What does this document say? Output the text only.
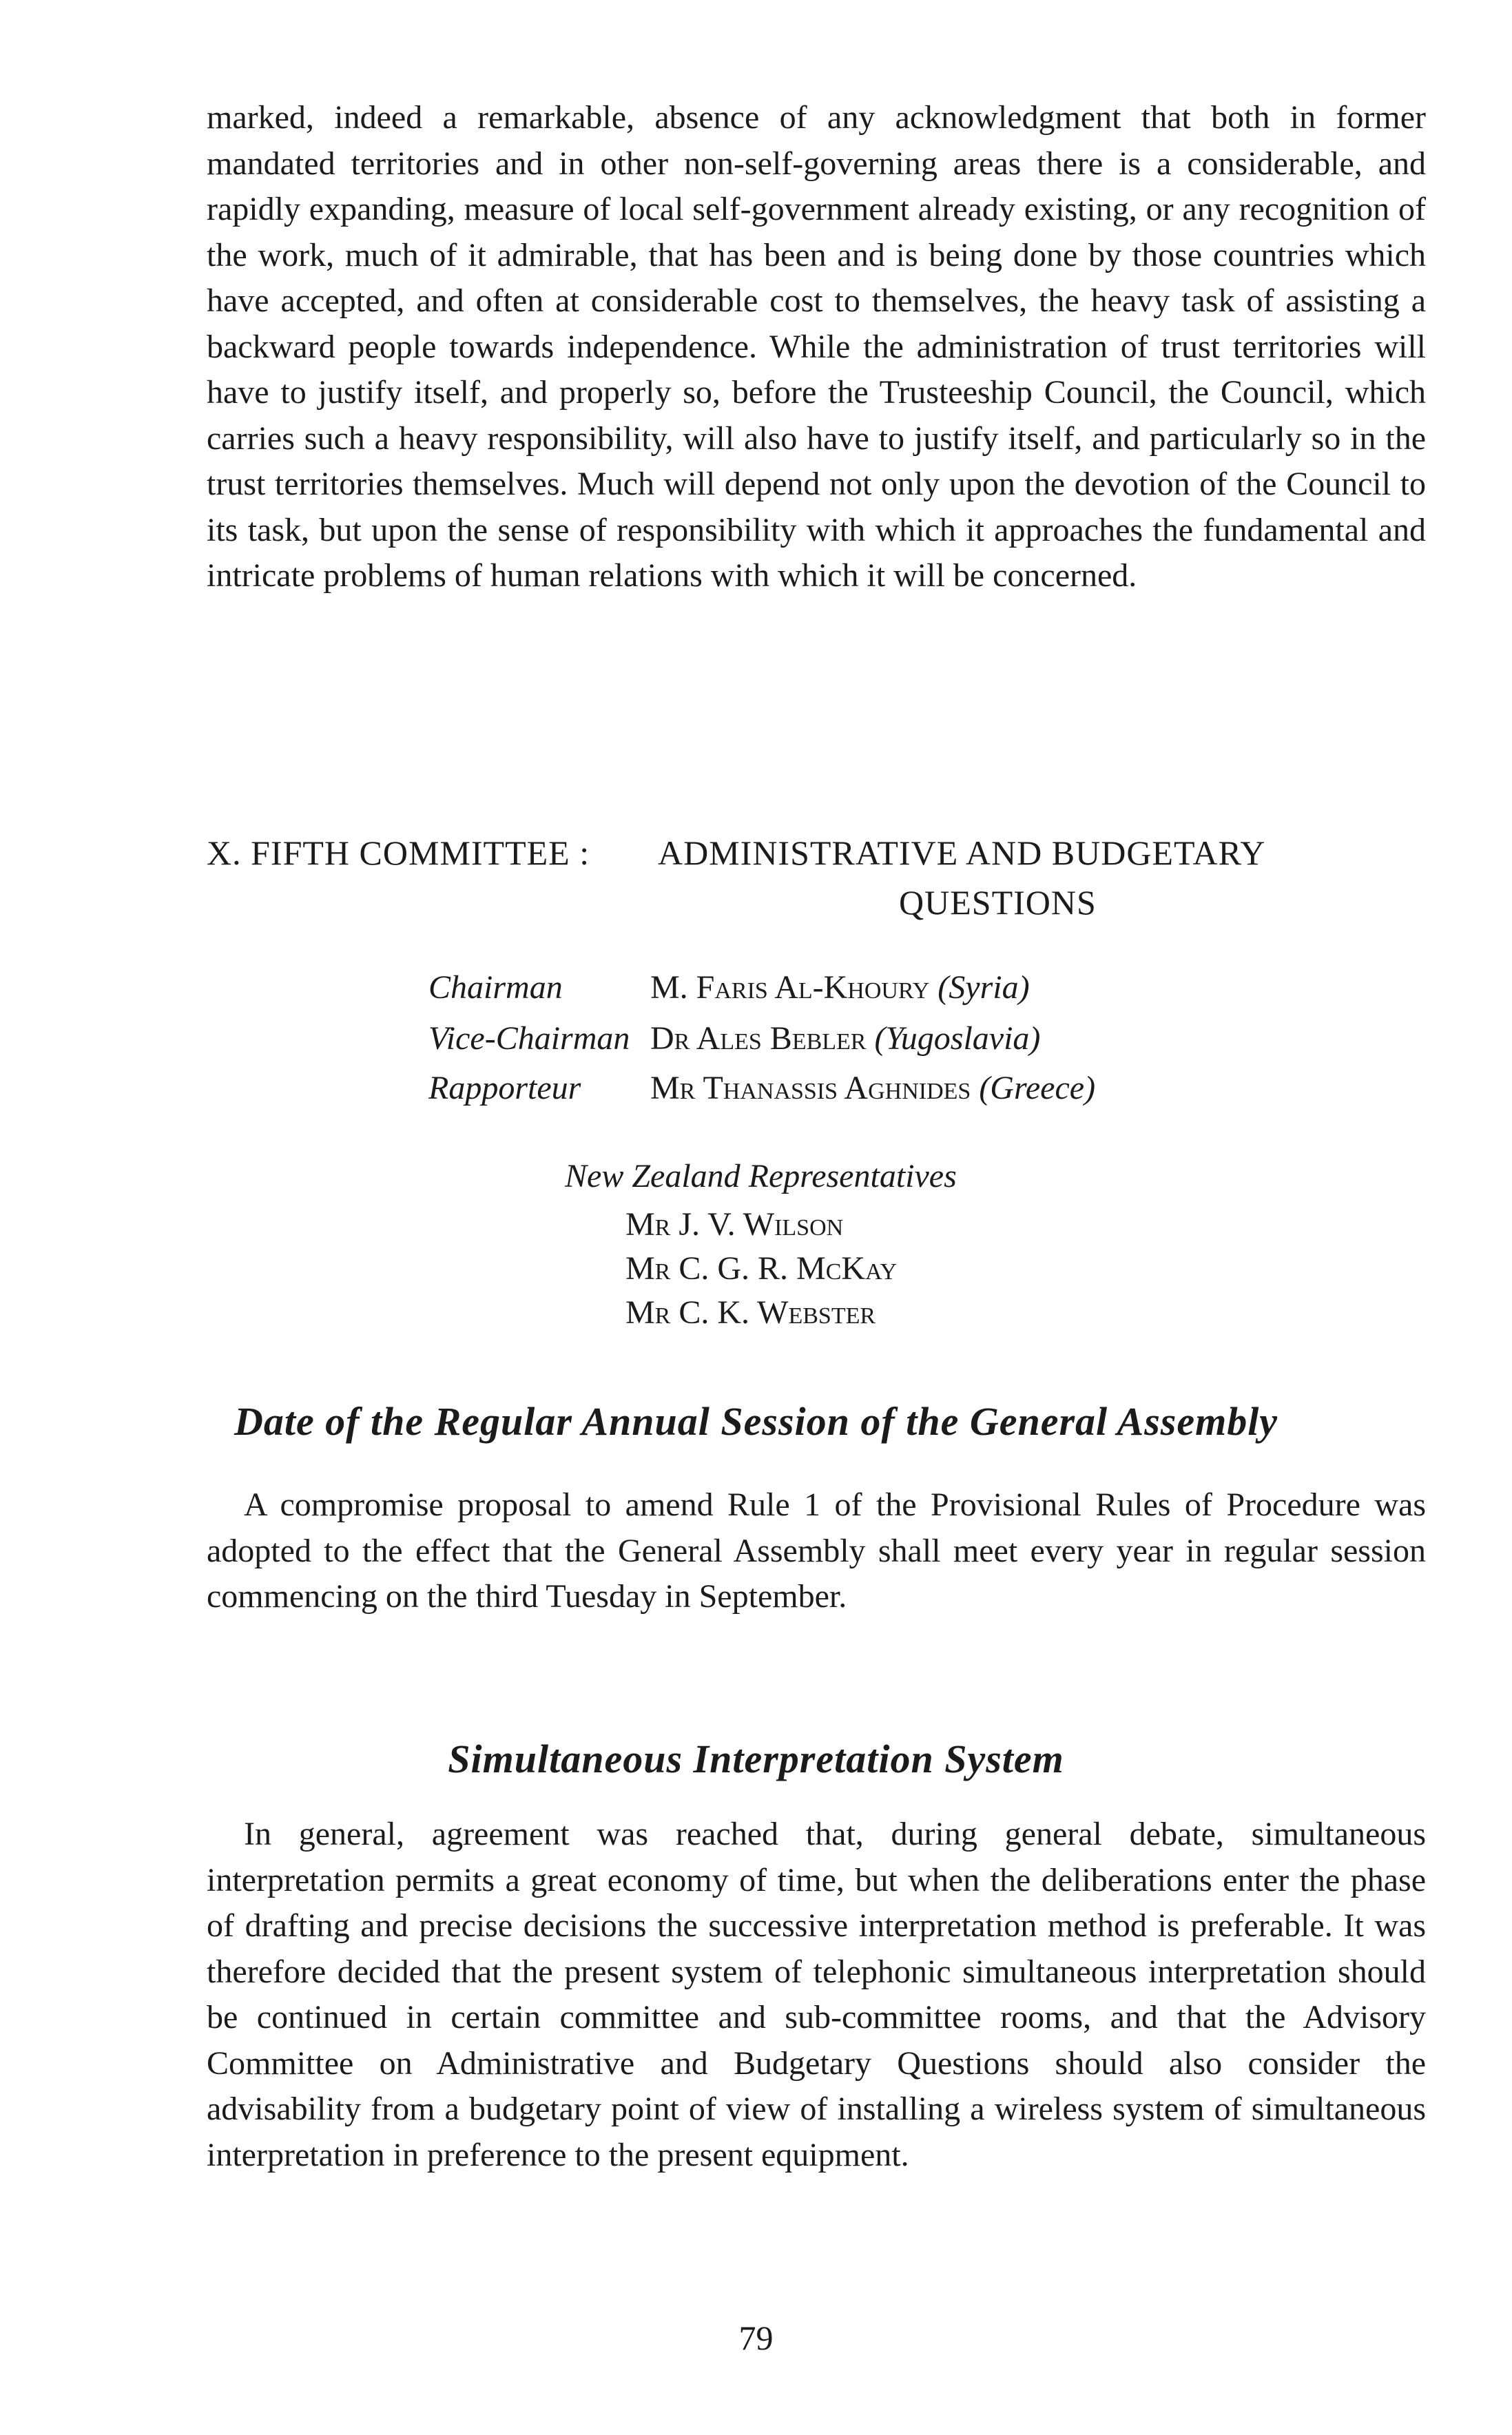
marked, indeed a remarkable, absence of any acknowledgment that both in former mandated territories and in other non-self-governing areas there is a considerable, and rapidly expanding, measure of local self-government already existing, or any recognition of the work, much of it admirable, that has been and is being done by those countries which have accepted, and often at considerable cost to themselves, the heavy task of assisting a backward people towards independence. While the administration of trust territories will have to justify itself, and properly so, before the Trusteeship Council, the Council, which carries such a heavy responsibility, will also have to justify itself, and particularly so in the trust territories themselves. Much will depend not only upon the devotion of the Council to its task, but upon the sense of responsibility with which it approaches the fundamental and intricate problems of human relations with which it will be concerned.

X. FIFTH COMMITTEE : ADMINISTRATIVE AND BUDGETARY
QUESTIONS
Chairman	M. Faris Al-Khoury (Syria)
Vice-Chairman Dr Ales Bebler (Yugoslavia)
Rapporteur Mr Thanassis Aghnides (Greece)

New Zealand Representatives

Mr J. V. Wilson
Mr C. G. R. McKay
Mr C. K. Webster
Date of the Regular Annual Session of the General Assembly

A compromise proposal to amend Rule 1 of the Provisional Rules of Procedure was adopted to the effect that the General Assembly shall meet every year in regular session commencing on the third Tuesday in September.

Simultaneous Interpretation System

In general, agreement was reached that, during general debate, simultaneous interpretation permits a great economy of time, but when the deliberations enter the phase of drafting and precise decisions the successive interpretation method is preferable. It was therefore decided that the present system of telephonic simultaneous interpretation should be continued in certain committee and sub-committee rooms, and that the Advisory Committee on Administrative and Budgetary Questions should also consider the advisability from a budgetary point of view of installing a wireless system of simultaneous interpretation in preference to the present equipment.

79
